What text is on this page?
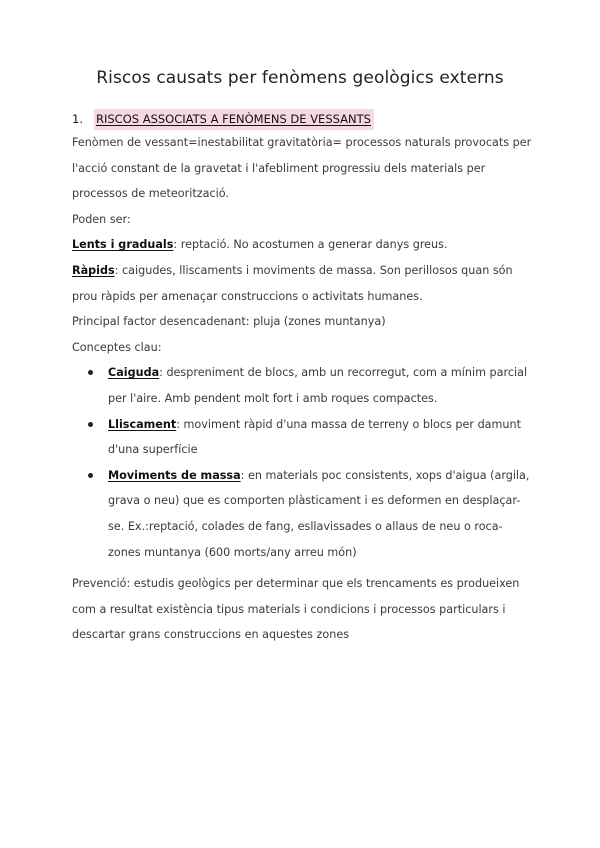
Riscos causats per fenòmens geològics externs
1.	RISCOS ASSOCIATS A FENÒMENS DE VESSANTS

Fenòmen de vessant=inestabilitat gravitatòria= processos naturals provocats per l'acció constant de la gravetat i l'afebliment progressiu dels materials per processos de meteorització.

Poden ser:

Lents i graduals: reptació. No acostumen a generar danys greus.

Ràpids: caigudes, lliscaments i moviments de massa. Son perillosos quan són prou ràpids per amenaçar construccions o activitats humanes.

Principal factor desencadenant: pluja (zones muntanya)

Conceptes clau:

Caiguda: despreniment de blocs, amb un recorregut, com a mínim parcial per l'aire. Amb pendent molt fort i amb roques compactes.
Lliscament: moviment ràpid d'una massa de terreny o blocs per damunt d'una superfície
Moviments de massa: en materials poc consistents, xops d'aigua (argila, grava o neu) que es comporten plàsticament i es deformen en desplaçar-se. Ex.:reptació, colades de fang, esllavissades o allaus de neu o roca- zones muntanya (600 morts/any arreu món)

Prevenció: estudis geològics per determinar que els trencaments es produeixen com a resultat existència tipus materials i condicions i processos particulars i descartar grans construccions en aquestes zones
